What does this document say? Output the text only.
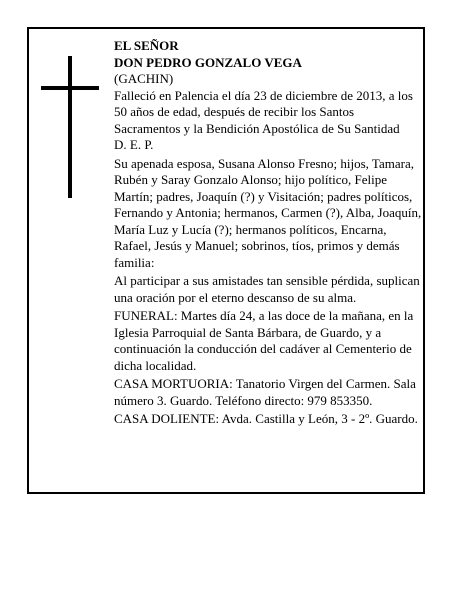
EL SEÑOR
DON PEDRO GONZALO VEGA
(GACHIN)

Falleció en Palencia el día 23 de diciembre de 2013, a los 50 años de edad, después de recibir los Santos Sacramentos y la Bendición Apostólica de Su Santidad

D. E. P.

Su apenada esposa, Susana Alonso Fresno; hijos, Tamara, Rubén y Saray Gonzalo Alonso; hijo político, Felipe Martín; padres, Joaquín (?) y Visitación; padres políticos, Fernando y Antonia; hermanos, Carmen (?), Alba, Joaquín, María Luz y Lucía (?); hermanos políticos, Encarna, Rafael, Jesús y Manuel; sobrinos, tíos, primos y demás familia:

Al participar a sus amistades tan sensible pérdida, suplican una oración por el eterno descanso de su alma.

FUNERAL: Martes día 24, a las doce de la mañana, en la Iglesia Parroquial de Santa Bárbara, de Guardo, y a continuación la conducción del cadáver al Cementerio de dicha localidad.

CASA MORTUORIA: Tanatorio Virgen del Carmen. Sala número 3. Guardo. Teléfono directo: 979 853350.

CASA DOLIENTE: Avda. Castilla y León, 3 - 2º. Guardo.
